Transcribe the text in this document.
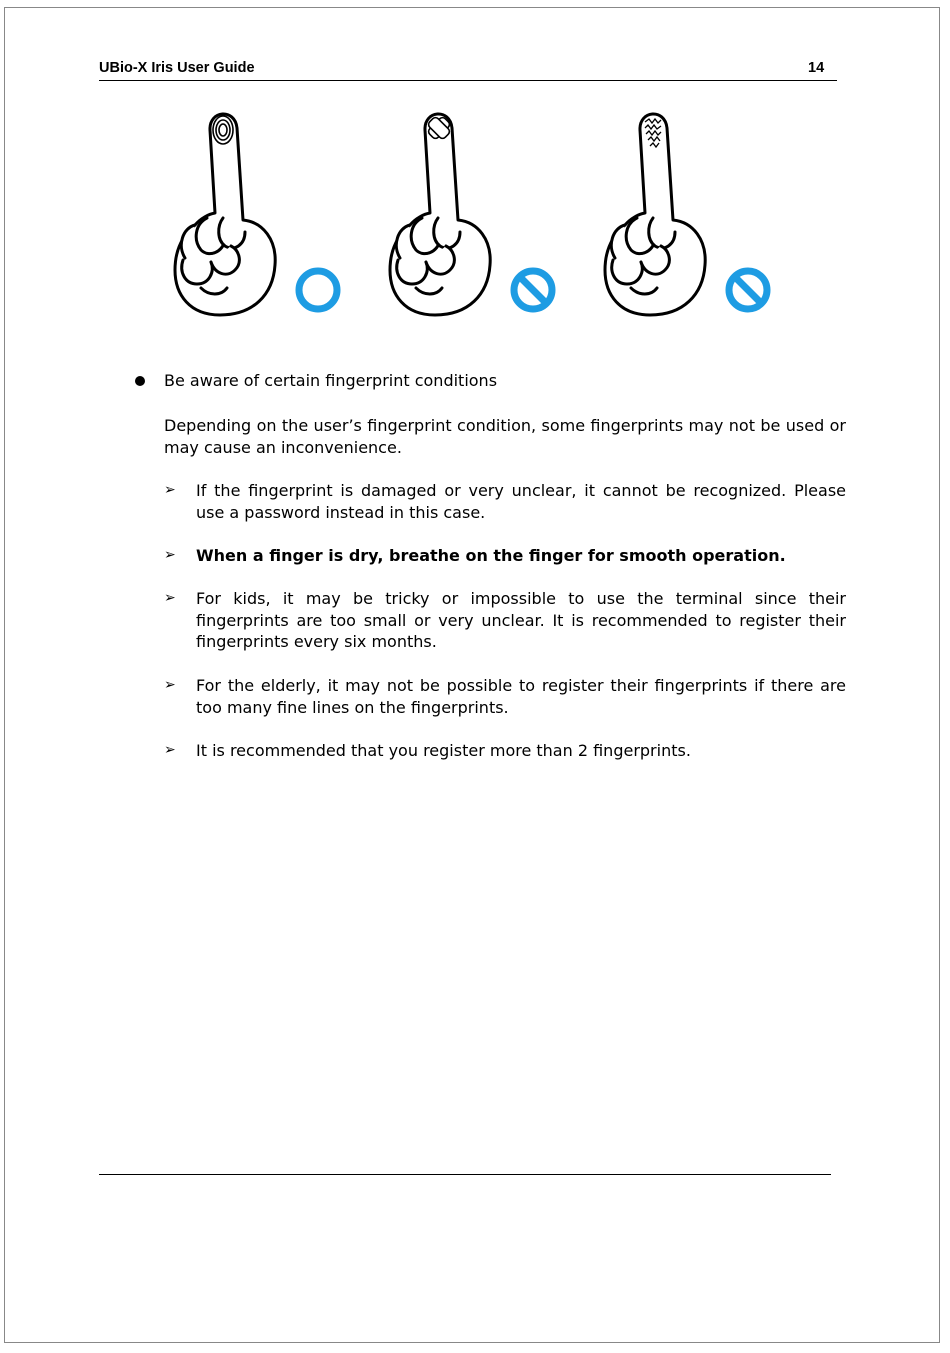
UBio-X Iris User Guide	14
Be aware of certain fingerprint conditions
Depending on the user’s fingerprint condition, some fingerprints may not be used or may cause an inconvenience.
➢ If the fingerprint is damaged or very unclear, it cannot be recognized. Please use a password instead in this case.
➢ When a finger is dry, breathe on the finger for smooth operation.
➢ For kids, it may be tricky or impossible to use the terminal since their fingerprints are too small or very unclear. It is recommended to register their fingerprints every six months.
➢ For the elderly, it may not be possible to register their fingerprints if there are too many fine lines on the fingerprints.
➢ It is recommended that you register more than 2 fingerprints.
